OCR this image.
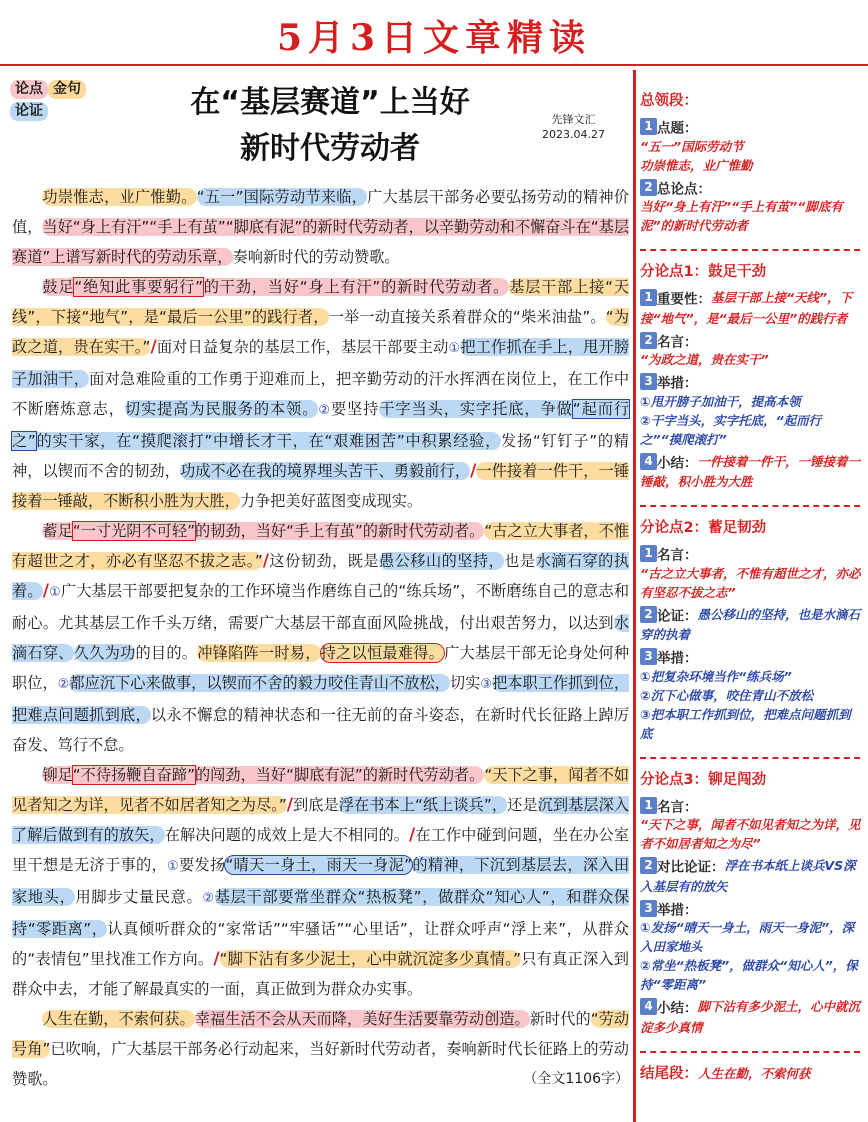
5月3日文章精读
论点 金句
论证	在“基层赛道”上当好
新时代劳动者
先锋文汇
2023.04.27

功崇惟志，业广惟勤。“五一”国际劳动节来临，广大基层干部务必要弘扬劳动的精神价值，当好“身上有汗”“手上有茧”“脚底有泥”的新时代劳动者，以辛勤劳动和不懈奋斗在“基层赛道”上谱写新时代的劳动乐章，奏响新时代的劳动赞歌。

鼓足“绝知此事要躬行”的干劲，当好“身上有汗”的新时代劳动者。基层干部上接“天线”，下接“地气”，是“最后一公里”的践行者，一举一动直接关系着群众的“柴米油盐”。“为政之道，贵在实干。”/面对日益复杂的基层工作，基层干部要主动①把工作抓在手上，甩开膀子加油干，面对急难险重的工作勇于迎难而上，把辛勤劳动的汗水挥洒在岗位上，在工作中不断磨炼意志，切实提高为民服务的本领。②要坚持干字当头，实字托底，争做“起而行之”的实干家，在“摸爬滚打”中增长才干，在“艰难困苦”中积累经验，发扬“钉钉子”的精神，以锲而不舍的韧劲，功成不必在我的境界埋头苦干、勇毅前行，/一件接着一件干，一锤接着一锤敲，不断积小胜为大胜，力争把美好蓝图变成现实。

蓄足“一寸光阴不可轻”的韧劲，当好“手上有茧”的新时代劳动者。“古之立大事者，不惟有超世之才，亦必有坚忍不拔之志。”/这份韧劲，既是愚公移山的坚持，也是水滴石穿的执着。/①广大基层干部要把复杂的工作环境当作磨练自己的“练兵场”，不断磨练自己的意志和耐心。尤其基层工作千头万绪，需要广大基层干部直面风险挑战，付出艰苦努力，以达到水滴石穿、久久为功的目的。冲锋陷阵一时易，持之以恒最难得。广大基层干部无论身处何种职位，②都应沉下心来做事，以锲而不舍的毅力咬住青山不放松，切实③把本职工作抓到位，把难点问题抓到底，以永不懈怠的精神状态和一往无前的奋斗姿态，在新时代长征路上踔厉奋发、笃行不怠。

铆足“不待扬鞭自奋蹄”的闯劲，当好“脚底有泥”的新时代劳动者。“天下之事，闻者不如见者知之为详，见者不如居者知之为尽。”/到底是浮在书本上“纸上谈兵”，还是沉到基层深入了解后做到有的放矢，在解决问题的成效上是大不相同的。/在工作中碰到问题，坐在办公室里干想是无济于事的，①要发扬“晴天一身土，雨天一身泥”的精神，下沉到基层去，深入田家地头，用脚步丈量民意。②基层干部要常坐群众“热板凳”，做群众“知心人”，和群众保持“零距离”，认真倾听群众的“家常话”“牢骚话”“心里话”，让群众呼声“浮上来”，从群众的“表情包”里找准工作方向。/“脚下沾有多少泥土，心中就沉淀多少真情。”只有真正深入到群众中去，才能了解最真实的一面，真正做到为群众办实事。

人生在勤，不索何获。幸福生活不会从天而降，美好生活要靠劳动创造。新时代的“劳动号角”已吹响，广大基层干部务必行动起来，当好新时代劳动者，奏响新时代长征路上的劳动赞歌。	（全文1106字）

总领段：
1 点题：
“五一”国际劳动节
功崇惟志，业广惟勤
2 总论点：
当好“身上有汗”“手上有茧”“脚底有泥”的新时代劳动者
分论点1：鼓足干劲
1 重要性：基层干部上接“天线”，下接“地气”，是“最后一公里”的践行者
2 名言：
“为政之道，贵在实干”
3 举措：
①甩开膀子加油干，提高本领
②干字当头，实字托底，“起而行之”“摸爬滚打”
4 小结：一件接着一件干，一锤接着一锤敲，积小胜为大胜
分论点2：蓄足韧劲
1 名言：
“古之立大事者，不惟有超世之才，亦必有坚忍不拔之志”
2 论证：愚公移山的坚持，也是水滴石穿的执着
3 举措：
①把复杂环境当作“练兵场”
②沉下心做事，咬住青山不放松
③把本职工作抓到位，把难点问题抓到底
分论点3：铆足闯劲
1 名言：
“天下之事，闻者不如见者知之为详，见者不如居者知之为尽”
2 对比论证：浮在书本纸上谈兵VS深入基层有的放矢
3 举措：
①发扬“晴天一身土，雨天一身泥”，深入田家地头
②常坐“热板凳”，做群众“知心人”，保持“零距离”
4 小结：脚下沾有多少泥土，心中就沉淀多少真情
结尾段：人生在勤，不索何获
